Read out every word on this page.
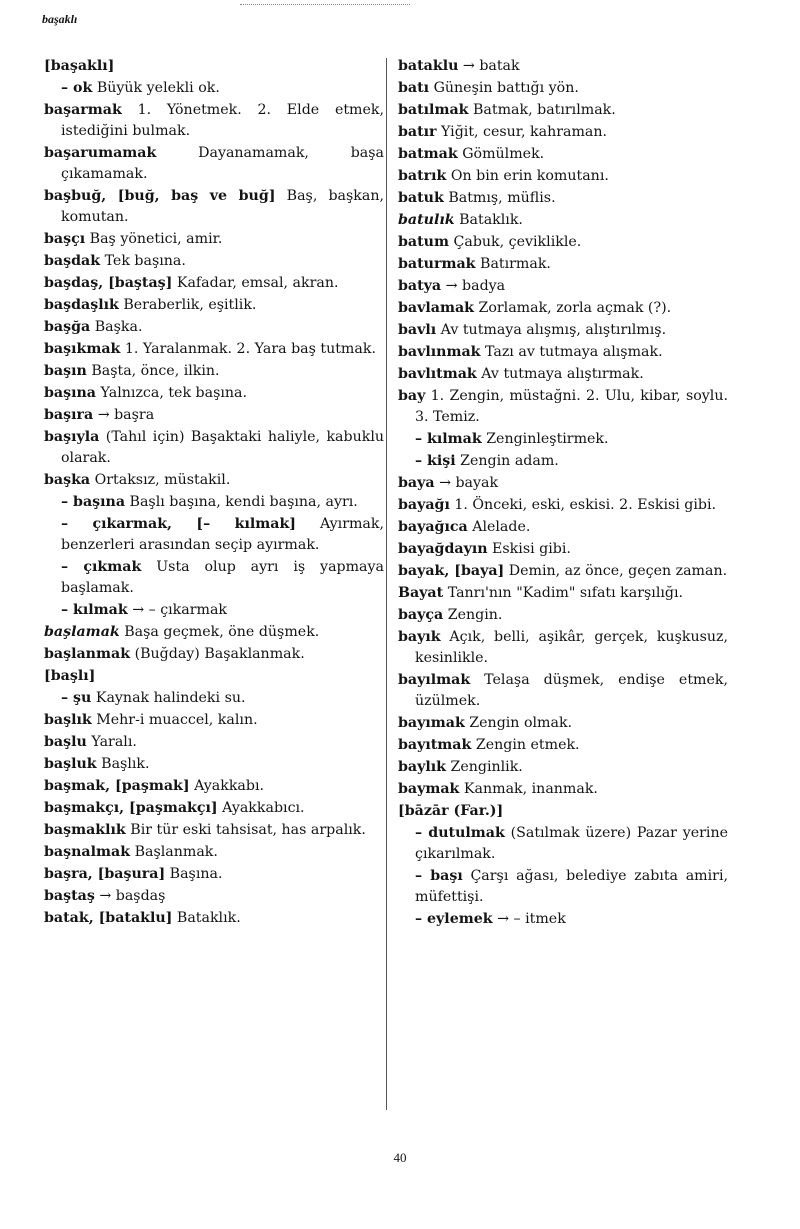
başaklı
[başaklı]
– ok Büyük yelekli ok.
başarmak 1. Yönetmek. 2. Elde etmek, istediğini bulmak.
başarumamak	Dayanamamak, başa çıkamamak.
başbuğ, [buğ, baş ve buğ] Baş, başkan, komutan.
başçı Baş yönetici, amir.
başdak Tek başına.
başdaş, [baştaş] Kafadar, emsal, akran.
başdaşlık Beraberlik, eşitlik.
başğa Başka.
başıkmak 1. Yaralanmak. 2. Yara baş tutmak.
başın Başta, önce, ilkin.
başına Yalnızca, tek başına.
başıra → başra
başıyla (Tahıl için) Başaktaki haliyle, kabuklu olarak.
başka Ortaksız, müstakil.
– başına Başlı başına, kendi başına, ayrı.
– çıkarmak, [– kılmak] Ayırmak, benzerleri arasından seçip ayırmak.
– çıkmak Usta olup ayrı iş yapmaya başlamak.
– kılmak → – çıkarmak
başlamak Başa geçmek, öne düşmek.
başlanmak (Buğday) Başaklanmak.
[başlı]
– şu Kaynak halindeki su.
başlık Mehr-i muaccel, kalın.
başlu Yaralı.
başluk Başlık.
başmak, [paşmak] Ayakkabı.
başmakçı, [paşmakçı] Ayakkabıcı.
başmaklık Bir tür eski tahsisat, has arpalık.
başnalmak Başlanmak.
başra, [başura] Başına.
baştaş → başdaş
batak, [bataklu] Bataklık.
bataklu → batak
batı Güneşin battığı yön.
batılmak Batmak, batırılmak.
batır Yiğit, cesur, kahraman.
batmak Gömülmek.
batrık On bin erin komutanı.
batuk Batmış, müflis.
batulık Bataklık.
batum Çabuk, çeviklikle.
baturmak Batırmak.
batya → badya
bavlamak Zorlamak, zorla açmak (?).
bavlı Av tutmaya alışmış, alıştırılmış.
bavlınmak Tazı av tutmaya alışmak.
bavlıtmak Av tutmaya alıştırmak.
bay 1. Zengin, müstağni. 2. Ulu, kibar, soylu. 3. Temiz.
– kılmak Zenginleştirmek.
– kişi Zengin adam.
baya → bayak
bayağı 1. Önceki, eski, eskisi. 2. Eskisi gibi.
bayağıca Alelade.
bayağdayın Eskisi gibi.
bayak, [baya] Demin, az önce, geçen zaman.
Bayat Tanrı'nın "Kadim" sıfatı karşılığı.
bayça Zengin.
bayık Açık, belli, aşikâr, gerçek, kuşkusuz, kesinlikle.
bayılmak Telaşa düşmek, endişe etmek, üzülmek.
bayımak Zengin olmak.
bayıtmak Zengin etmek.
baylık Zenginlik.
baymak Kanmak, inanmak.
[bāzār (Far.)]
– dutulmak (Satılmak üzere) Pazar yerine çıkarılmak.
– başı Çarşı ağası, belediye zabıta amiri, müfettişi.
– eylemek → – itmek
40
